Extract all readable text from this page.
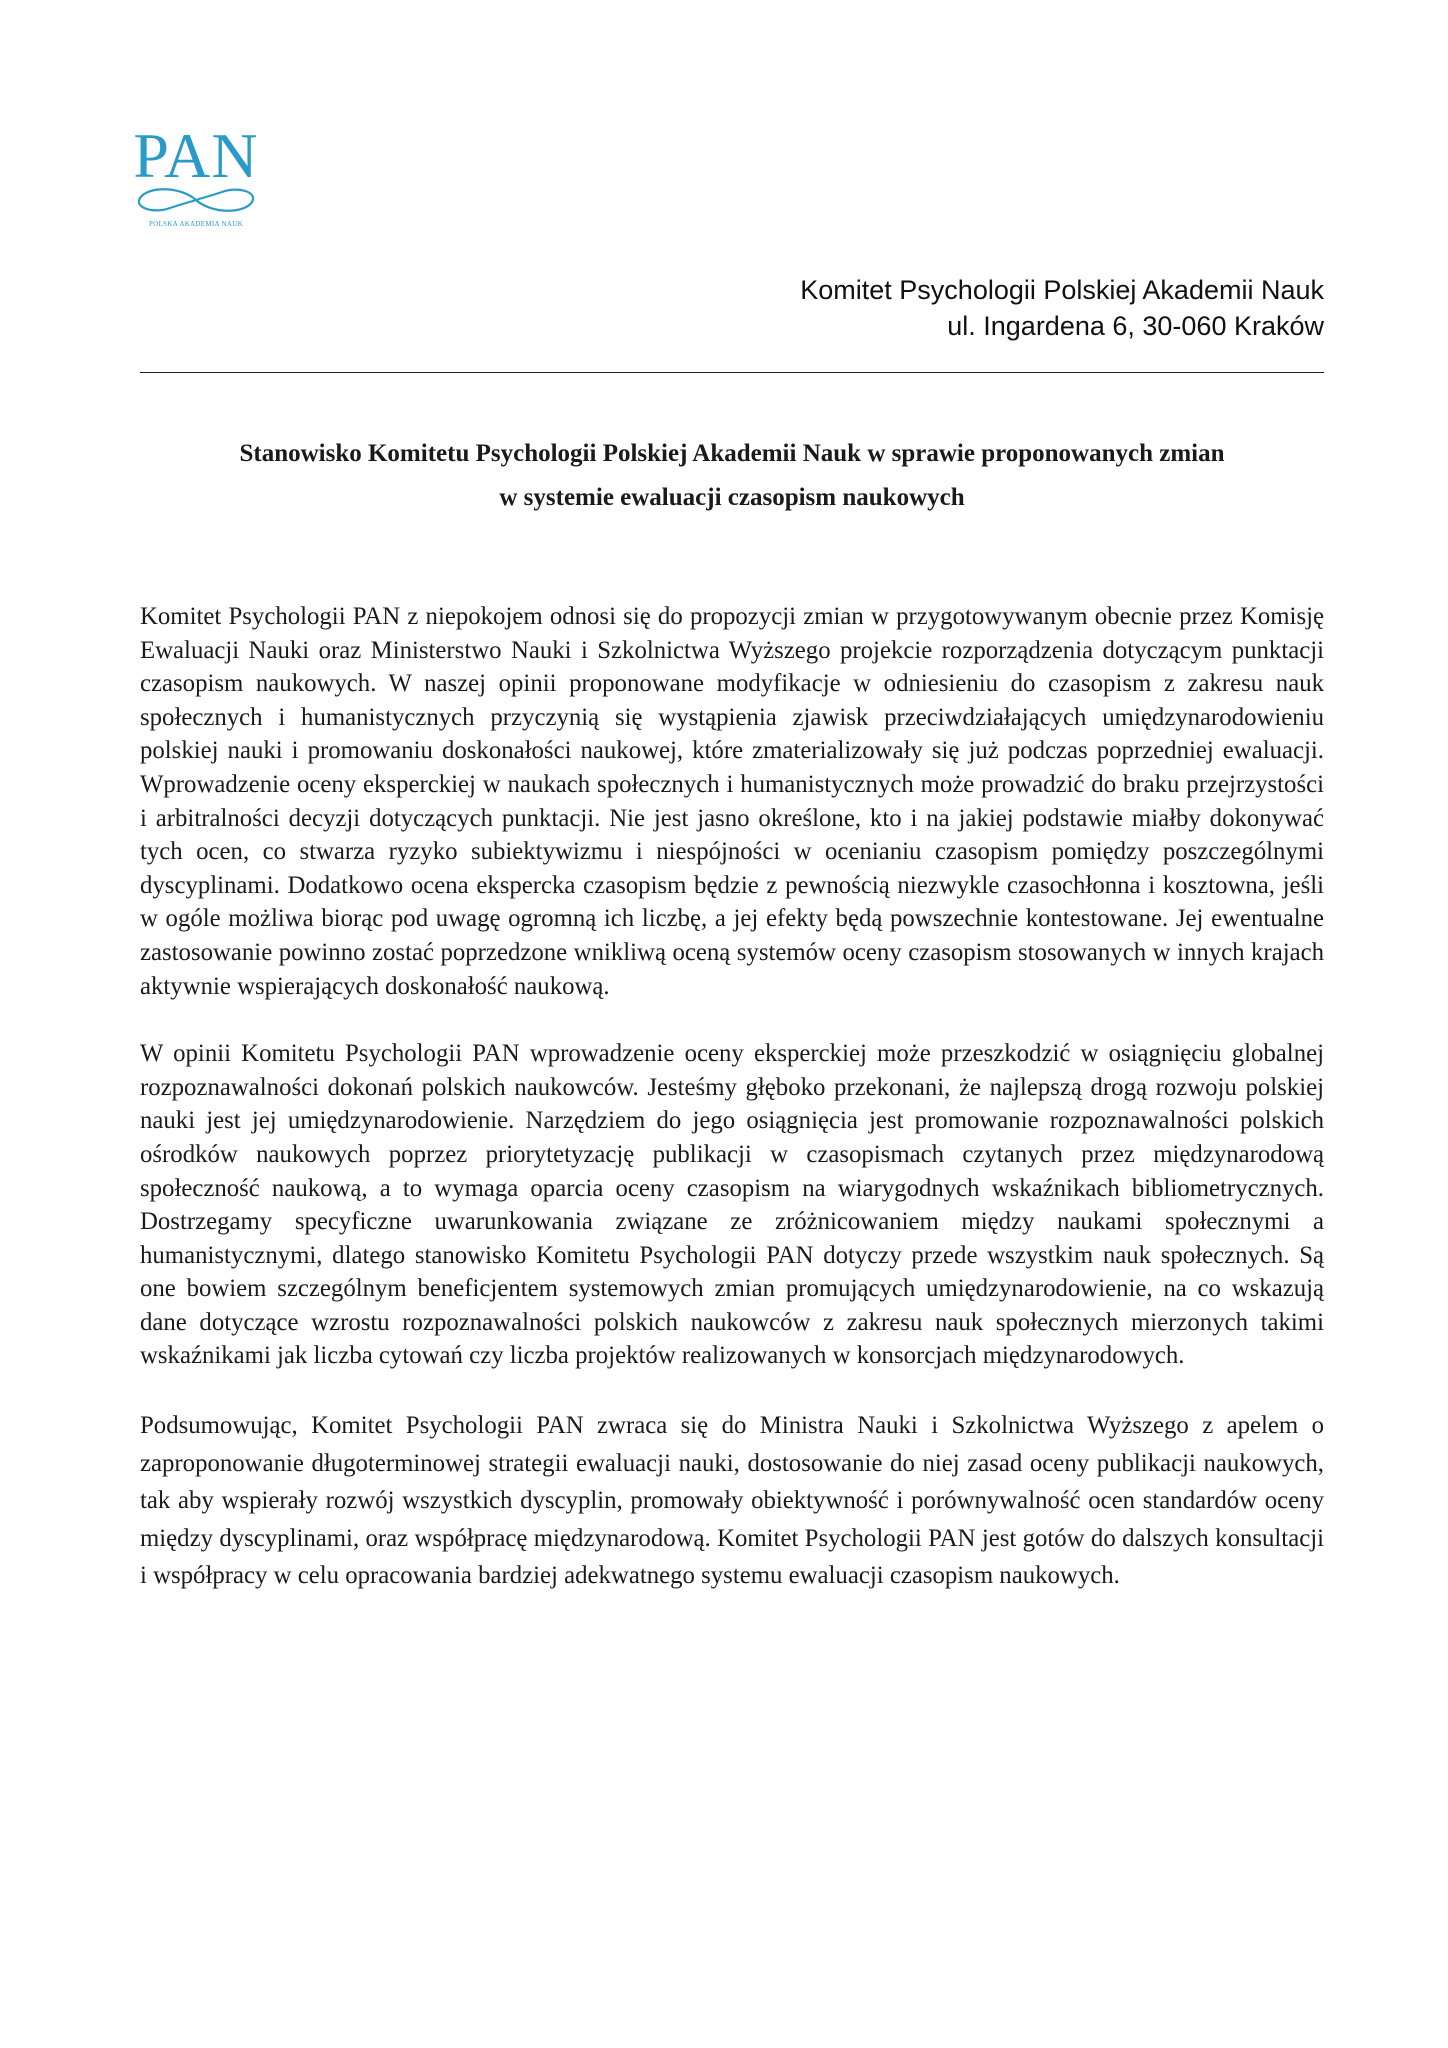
PAN
POLSKA AKADEMIA NAUK
Komitet Psychologii Polskiej Akademii Nauk
ul. Ingardena 6, 30-060 Kraków
Stanowisko Komitetu Psychologii Polskiej Akademii Nauk w sprawie proponowanych zmian
w systemie ewaluacji czasopism naukowych

Komitet Psychologii PAN z niepokojem odnosi się do propozycji zmian w przygotowywanym obecnie przez Komisję Ewaluacji Nauki oraz Ministerstwo Nauki i Szkolnictwa Wyższego projekcie rozporządzenia dotyczącym punktacji czasopism naukowych. W naszej opinii proponowane modyfikacje w odniesieniu do czasopism z zakresu nauk społecznych i humanistycznych przyczynią się wystąpienia zjawisk przeciwdziałających umiędzynarodowieniu polskiej nauki i promowaniu doskonałości naukowej, które zmaterializowały się już podczas poprzedniej ewaluacji. Wprowadzenie oceny eksperckiej w naukach społecznych i humanistycznych może prowadzić do braku przejrzystości i arbitralności decyzji dotyczących punktacji. Nie jest jasno określone, kto i na jakiej podstawie miałby dokonywać tych ocen, co stwarza ryzyko subiektywizmu i niespójności w ocenianiu czasopism pomiędzy poszczególnymi dyscyplinami. Dodatkowo ocena ekspercka czasopism będzie z pewnością niezwykle czasochłonna i kosztowna, jeśli w ogóle możliwa biorąc pod uwagę ogromną ich liczbę, a jej efekty będą powszechnie kontestowane. Jej ewentualne zastosowanie powinno zostać poprzedzone wnikliwą oceną systemów oceny czasopism stosowanych w innych krajach aktywnie wspierających doskonałość naukową.

W opinii Komitetu Psychologii PAN wprowadzenie oceny eksperckiej może przeszkodzić w osiągnięciu globalnej rozpoznawalności dokonań polskich naukowców. Jesteśmy głęboko przekonani, że najlepszą drogą rozwoju polskiej nauki jest jej umiędzynarodowienie. Narzędziem do jego osiągnięcia jest promowanie rozpoznawalności polskich ośrodków naukowych poprzez priorytetyzację publikacji w czasopismach czytanych przez międzynarodową społeczność naukową, a to wymaga oparcia oceny czasopism na wiarygodnych wskaźnikach bibliometrycznych. Dostrzegamy specyficzne uwarunkowania związane ze zróżnicowaniem między naukami społecznymi a humanistycznymi, dlatego stanowisko Komitetu Psychologii PAN dotyczy przede wszystkim nauk społecznych. Są one bowiem szczególnym beneficjentem systemowych zmian promujących umiędzynarodowienie, na co wskazują dane dotyczące wzrostu rozpoznawalności polskich naukowców z zakresu nauk społecznych mierzonych takimi wskaźnikami jak liczba cytowań czy liczba projektów realizowanych w konsorcjach międzynarodowych.

Podsumowując, Komitet Psychologii PAN zwraca się do Ministra Nauki i Szkolnictwa Wyższego z apelem o zaproponowanie długoterminowej strategii ewaluacji nauki, dostosowanie do niej zasad oceny publikacji naukowych, tak aby wspierały rozwój wszystkich dyscyplin, promowały obiektywność i porównywalność ocen standardów oceny między dyscyplinami, oraz współpracę międzynarodową. Komitet Psychologii PAN jest gotów do dalszych konsultacji i współpracy w celu opracowania bardziej adekwatnego systemu ewaluacji czasopism naukowych.
